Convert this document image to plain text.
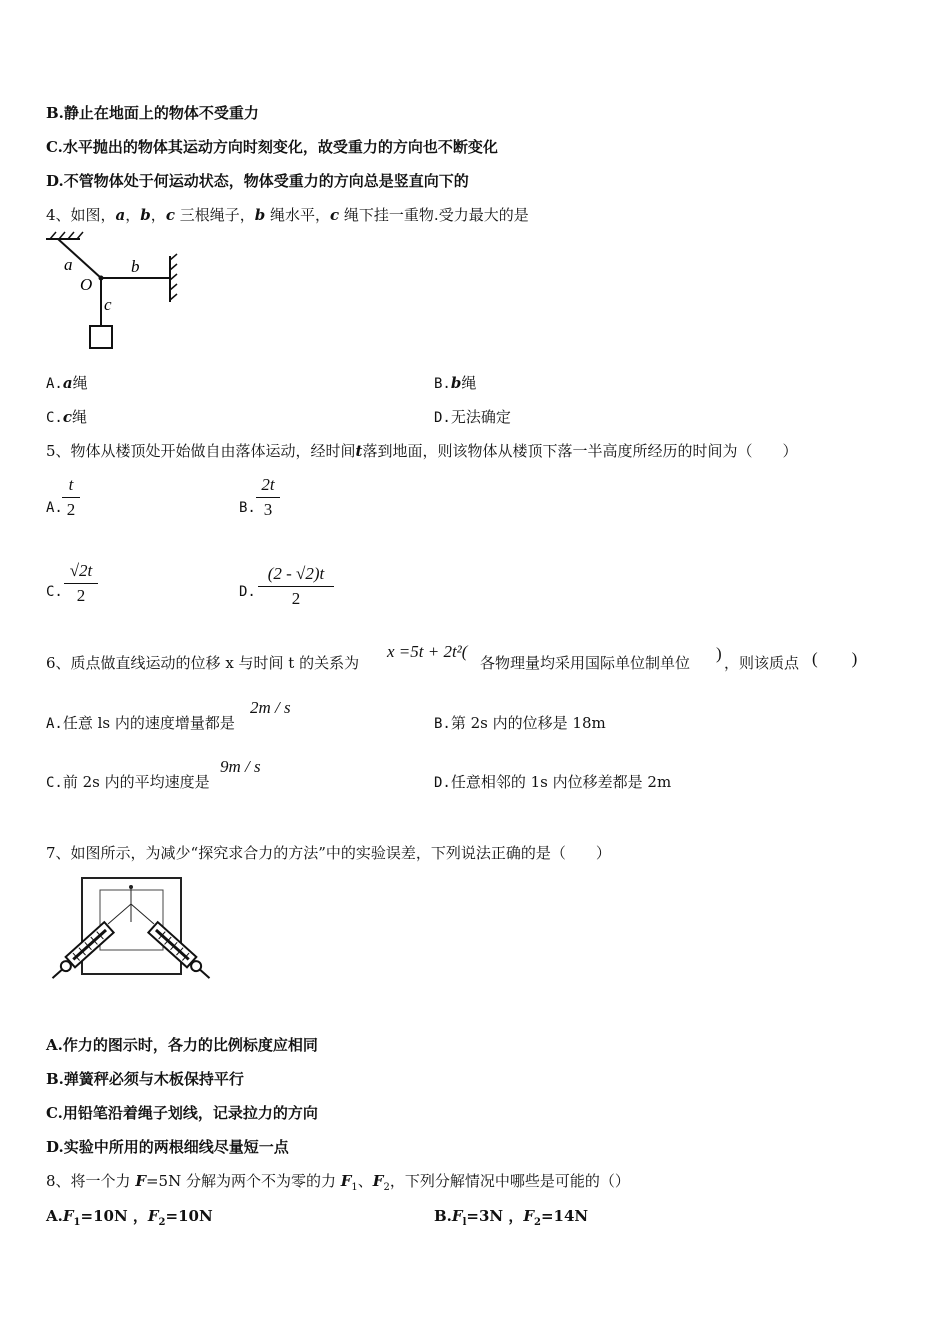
B.静止在地面上的物体不受重力
C.水平抛出的物体其运动方向时刻变化，故受重力的方向也不断变化
D.不管物体处于何运动状态，物体受重力的方向总是竖直向下的
4、如图，a，b，c 三根绳子，b 绳水平，c 绳下挂一重物.受力最大的是
a	b
O
c
A.a绳	B.b绳
C.c绳	D.无法确定
5、物体从楼顶处开始做自由落体运动，经时间t落到地面，则该物体从楼顶下落一半高度所经历的时间为（　　）
A.
t
2	B.
2t
3
C.
√2t
2	D.
(2 - √2)t
2
6、质点做直线运动的位移 x 与时间 t 的关系为
x =5t + 2t²(
各物理量均采用国际单位制单位 ) ，则该质点 (　　)
A.任意 ls 内的速度增量都是
2m / s
B.第 2s 内的位移是 18m
C.前 2s 内的平均速度是
9m / s
D.任意相邻的 1s 内位移差都是 2m
7、如图所示，为减少“探究求合力的方法”中的实验误差，下列说法正确的是（　　）
A.作力的图示时，各力的比例标度应相同
B.弹簧秤必须与木板保持平行
C.用铅笔沿着绳子划线，记录拉力的方向
D.实验中所用的两根细线尽量短一点
8、将一个力 F=5N 分解为两个不为零的力 $F_1$、$F_2$，下列分解情况中哪些是可能的（）
$A.F_1=10N$ ，$F_2=10N$	$B.F_l=3N$ ，$F_2=14N$
